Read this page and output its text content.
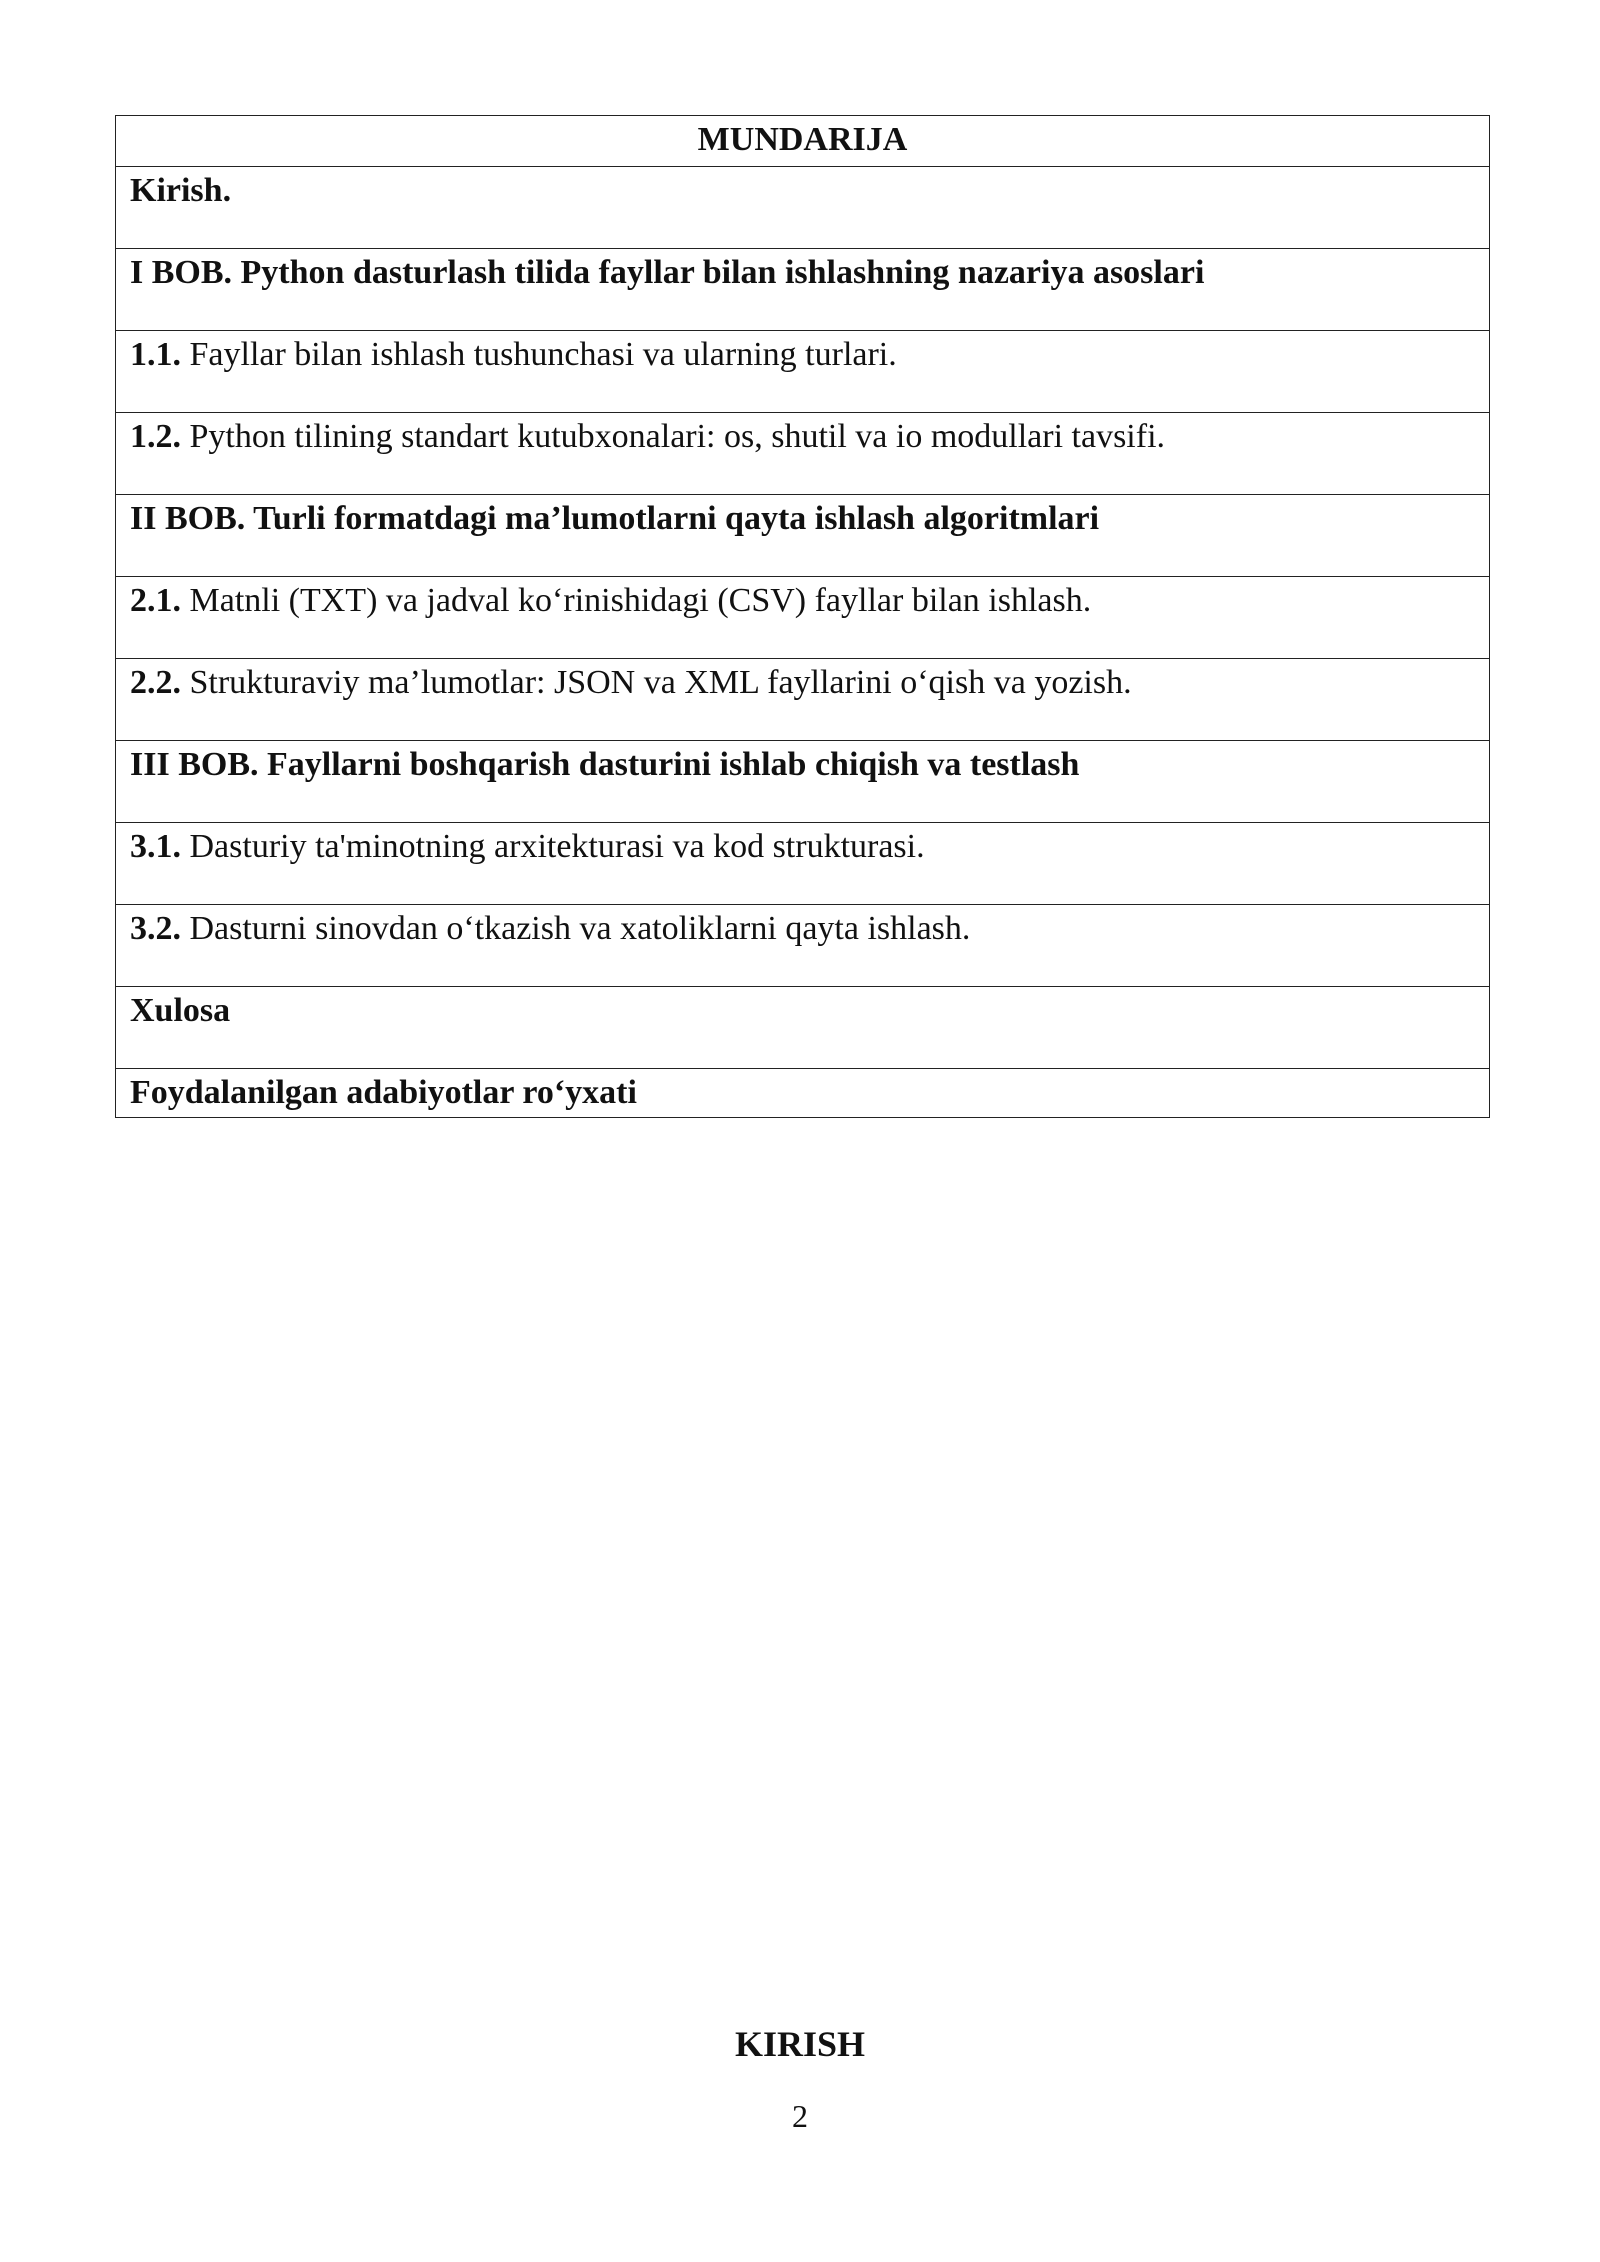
MUNDARIJA
Kirish.
I BOB. Python dasturlash tilida fayllar bilan ishlashning nazariya asoslari
1.1. Fayllar bilan ishlash tushunchasi va ularning turlari.
1.2. Python tilining standart kutubxonalari: os, shutil va io modullari tavsifi.
II BOB. Turli formatdagi ma’lumotlarni qayta ishlash algoritmlari
2.1. Matnli (TXT) va jadval ko‘rinishidagi (CSV) fayllar bilan ishlash.
2.2. Strukturaviy ma’lumotlar: JSON va XML fayllarini o‘qish va yozish.
III BOB. Fayllarni boshqarish dasturini ishlab chiqish va testlash
3.1. Dasturiy ta'minotning arxitekturasi va kod strukturasi.
3.2. Dasturni sinovdan o‘tkazish va xatoliklarni qayta ishlash.
Xulosa
Foydalanilgan adabiyotlar ro‘yxati
KIRISH
2
